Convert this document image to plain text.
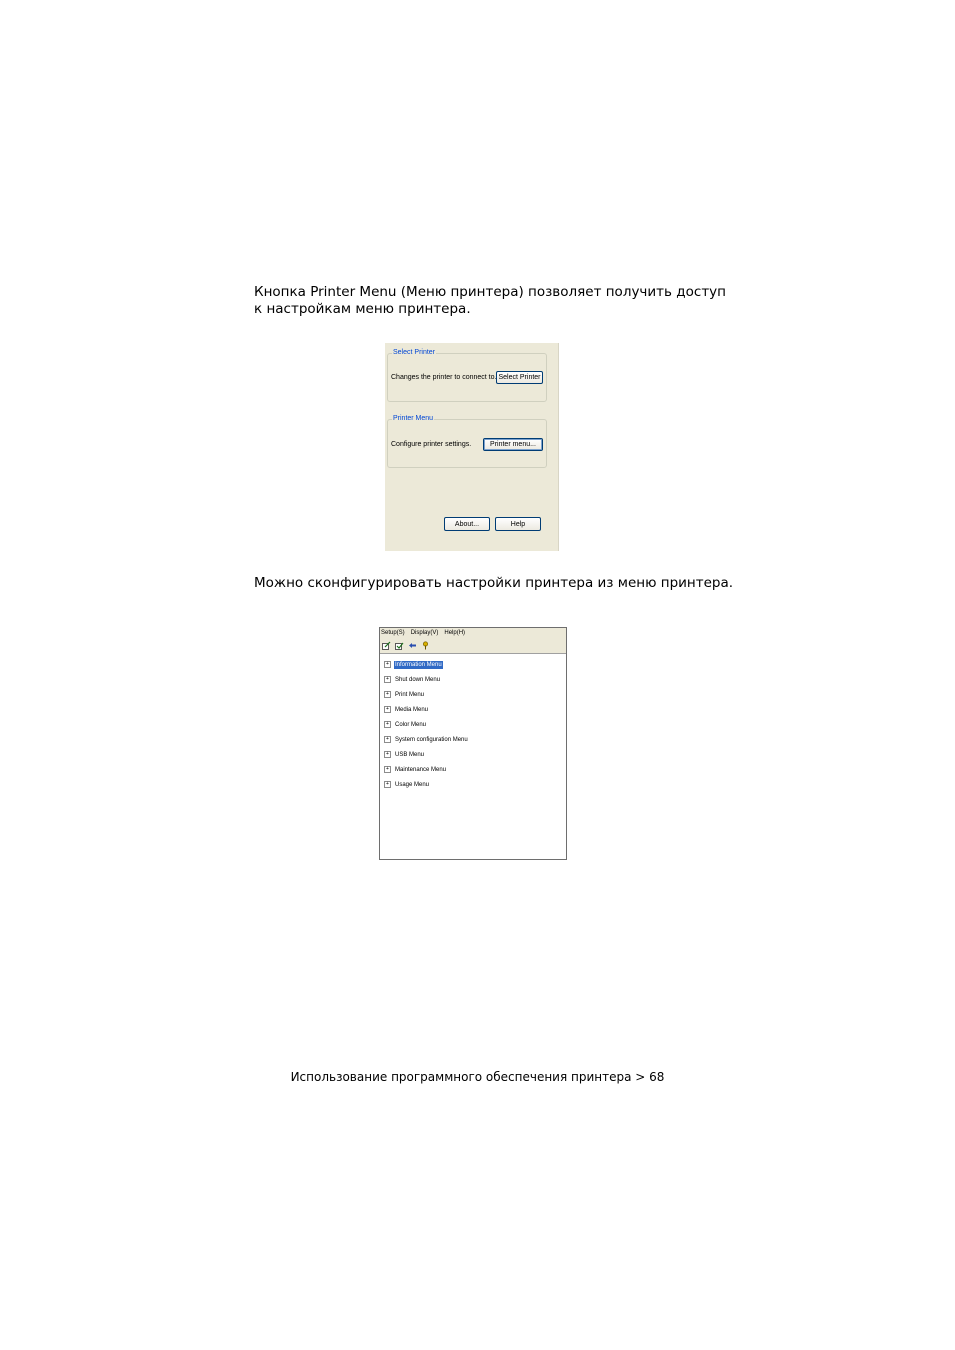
Кнопка Printer Menu (Меню принтера) позволяет получить доступ
к настройкам меню принтера.

Select Printer
Changes the printer to connect to. Select Printer
Printer Menu
Configure printer settings.	Printer menu...
About...	Help

Можно сконфигурировать настройки принтера из меню принтера.

Setup(S) Display(V) Help(H)
+	Information Menu
+	Shut down Menu
+	Print Menu
+	Media Menu
+	Color Menu
+	System configuration Menu
+	USB Menu
+	Maintenance Menu
+	Usage Menu
Использование программного обеспечения принтера > 68
